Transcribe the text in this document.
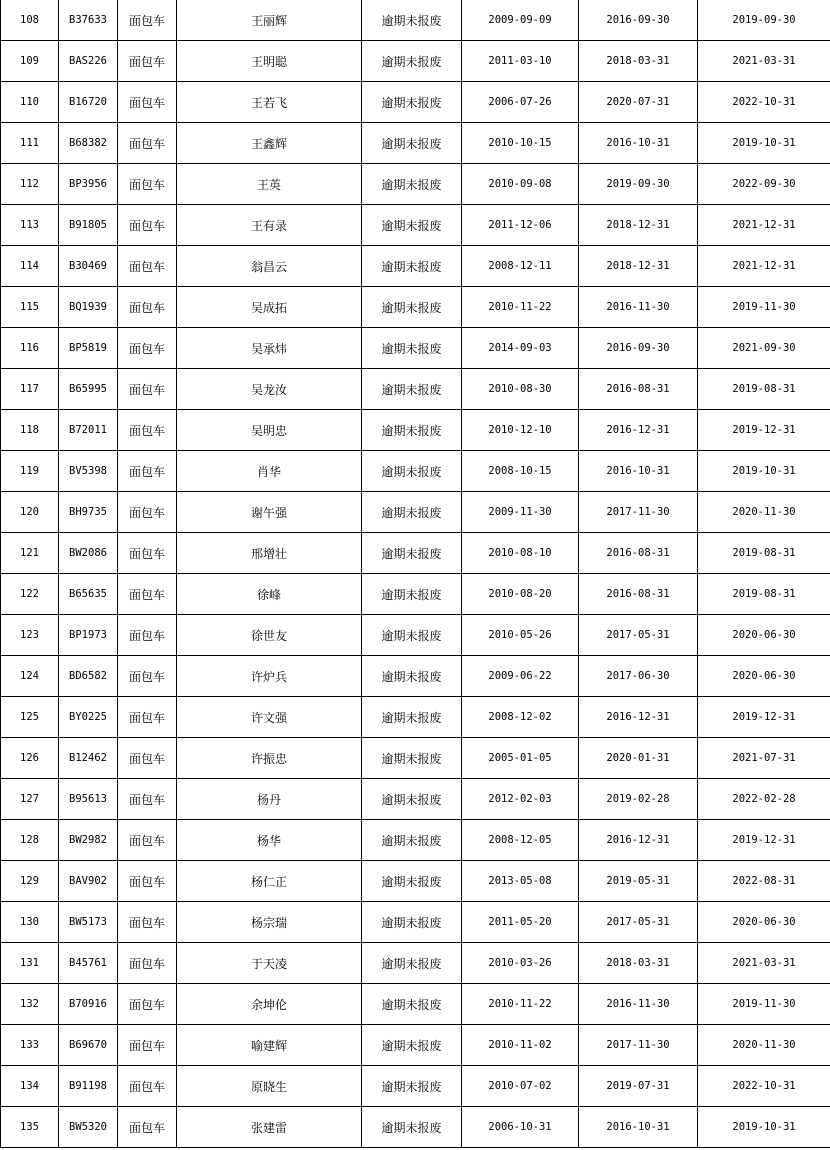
108	B37633	面包车	王丽辉	逾期未报废	2009-09-09	2016-09-30	2019-09-30
109	BAS226	面包车	王明聪	逾期未报废	2011-03-10	2018-03-31	2021-03-31
110	B16720	面包车	王若飞	逾期未报废	2006-07-26	2020-07-31	2022-10-31
111	B68382	面包车	王鑫辉	逾期未报废	2010-10-15	2016-10-31	2019-10-31
112	BP3956	面包车	王英	逾期未报废	2010-09-08	2019-09-30	2022-09-30
113	B91805	面包车	王有录	逾期未报废	2011-12-06	2018-12-31	2021-12-31
114	B30469	面包车	翁昌云	逾期未报废	2008-12-11	2018-12-31	2021-12-31
115	BQ1939	面包车	吴成拓	逾期未报废	2010-11-22	2016-11-30	2019-11-30
116	BP5819	面包车	吴承炜	逾期未报废	2014-09-03	2016-09-30	2021-09-30
117	B65995	面包车	吴龙汝	逾期未报废	2010-08-30	2016-08-31	2019-08-31
118	B72011	面包车	吴明忠	逾期未报废	2010-12-10	2016-12-31	2019-12-31
119	BV5398	面包车	肖华	逾期未报废	2008-10-15	2016-10-31	2019-10-31
120	BH9735	面包车	谢午强	逾期未报废	2009-11-30	2017-11-30	2020-11-30
121	BW2086	面包车	邢增壮	逾期未报废	2010-08-10	2016-08-31	2019-08-31
122	B65635	面包车	徐峰	逾期未报废	2010-08-20	2016-08-31	2019-08-31
123	BP1973	面包车	徐世友	逾期未报废	2010-05-26	2017-05-31	2020-06-30
124	BD6582	面包车	许炉兵	逾期未报废	2009-06-22	2017-06-30	2020-06-30
125	BY0225	面包车	许文强	逾期未报废	2008-12-02	2016-12-31	2019-12-31
126	B12462	面包车	许振忠	逾期未报废	2005-01-05	2020-01-31	2021-07-31
127	B95613	面包车	杨丹	逾期未报废	2012-02-03	2019-02-28	2022-02-28
128	BW2982	面包车	杨华	逾期未报废	2008-12-05	2016-12-31	2019-12-31
129	BAV902	面包车	杨仁正	逾期未报废	2013-05-08	2019-05-31	2022-08-31
130	BW5173	面包车	杨宗瑞	逾期未报废	2011-05-20	2017-05-31	2020-06-30
131	B45761	面包车	于天凌	逾期未报废	2010-03-26	2018-03-31	2021-03-31
132	B70916	面包车	余坤伦	逾期未报废	2010-11-22	2016-11-30	2019-11-30
133	B69670	面包车	喻建辉	逾期未报废	2010-11-02	2017-11-30	2020-11-30
134	B91198	面包车	原晓生	逾期未报废	2010-07-02	2019-07-31	2022-10-31
135	BW5320	面包车	张建雷	逾期未报废	2006-10-31	2016-10-31	2019-10-31
